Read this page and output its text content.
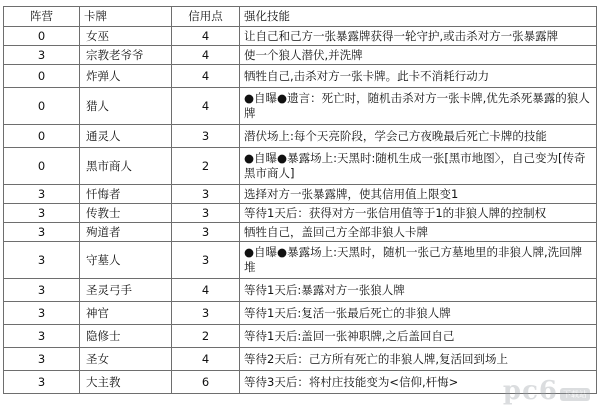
阵营	卡牌	信用点	强化技能
0	女巫	4	让自己和己方一张暴露牌获得一轮守护,或击杀对方一张暴露牌
3	宗教老爷爷	4	使一个狼人潜伏,并洗牌
0	炸弹人	4	牺牲自己,击杀对方一张卡牌。此卡不消耗行动力
0	猎人	4	●自曝●遗言：死亡时，随机击杀对方一张卡牌,优先杀死暴露的狼人牌
0	通灵人	3	潜伏场上:每个天亮阶段，学会己方夜晚最后死亡卡牌的技能
0	黑市商人	2	●自曝●暴露场上:天黑时:随机生成一张[黑市地图〉，自己变为[传奇黑市商人]
3	忏悔者	3	选择对方一张暴露牌，使其信用值上限变1
3	传教士	3	等待1天后：获得对方一张信用值等于1的非狼人牌的控制权
3	殉道者	3	牺牲自己，盖回己方全部非狼人卡牌
3	守墓人	3	●自曝●暴露场上:天黑时，随机一张己方墓地里的非狼人牌,洗回牌堆
3	圣灵弓手	4	等待1天后:暴露对方一张狼人牌
3	神官	3	等待1天后:复活一张最后死亡的非狼人牌
3	隐修士	2	等待1天后:盖回一张神职牌,之后盖回自己
3	圣女	4	等待2天后：己方所有死亡的非狼人牌,复活回到场上
3	大主教	6	等待3天后：将村庄技能变为<信仰,杆悔> pc6 下载站
